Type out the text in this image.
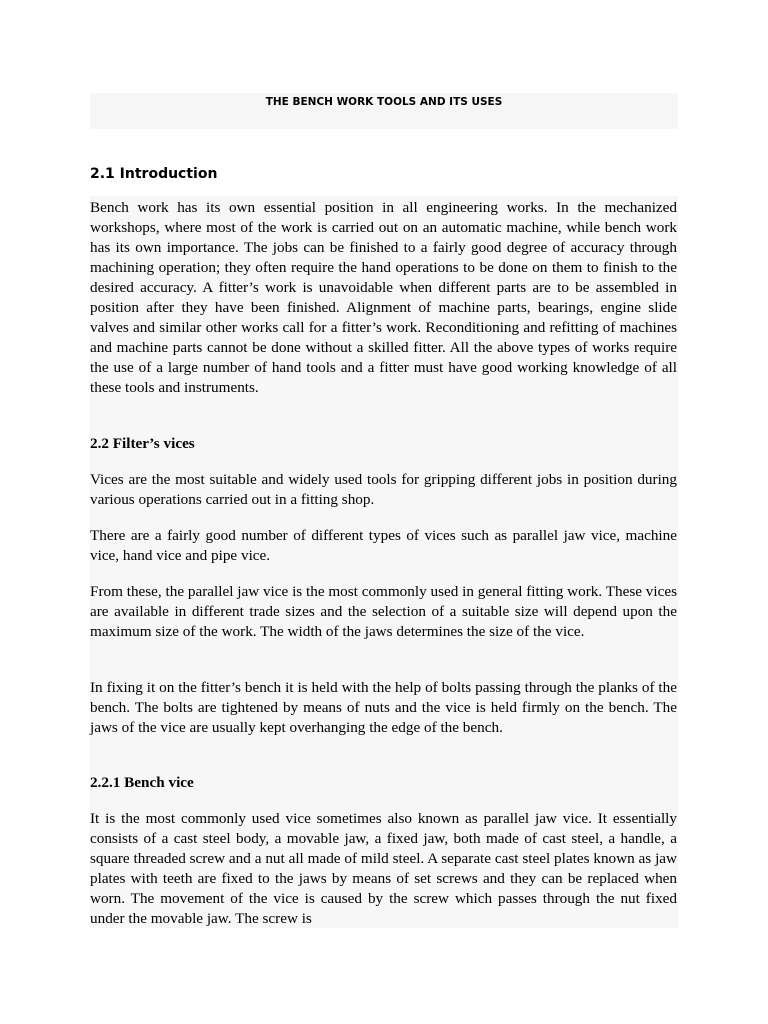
THE BENCH WORK TOOLS AND ITS USES
2.1 Introduction
Bench work has its own essential position in all engineering works. In the mechanized workshops, where most of the work is carried out on an automatic machine, while bench work has its own importance. The jobs can be finished to a fairly good degree of accuracy through machining operation; they often require the hand operations to be done on them to finish to the desired accuracy. A fitter’s work is unavoidable when different parts are to be assembled in position after they have been finished. Alignment of machine parts, bearings, engine slide valves and similar other works call for a fitter’s work. Reconditioning and refitting of machines and machine parts cannot be done without a skilled fitter. All the above types of works require the use of a large number of hand tools and a fitter must have good working knowledge of all these tools and instruments.
2.2 Filter’s vices
Vices are the most suitable and widely used tools for gripping different jobs in position during various operations carried out in a fitting shop.
There are a fairly good number of different types of vices such as parallel jaw vice, machine vice, hand vice and pipe vice.
From these, the parallel jaw vice is the most commonly used in general fitting work. These vices are available in different trade sizes and the selection of a suitable size will depend upon the maximum size of the work. The width of the jaws determines the size of the vice.
In fixing it on the fitter’s bench it is held with the help of bolts passing through the planks of the bench. The bolts are tightened by means of nuts and the vice is held firmly on the bench. The jaws of the vice are usually kept overhanging the edge of the bench.
2.2.1 Bench vice
It is the most commonly used vice sometimes also known as parallel jaw vice. It essentially consists of a cast steel body, a movable jaw, a fixed jaw, both made of cast steel, a handle, a square threaded screw and a nut all made of mild steel. A separate cast steel plates known as jaw plates with teeth are fixed to the jaws by means of set screws and they can be replaced when worn. The movement of the vice is caused by the screw which passes through the nut fixed under the movable jaw. The screw is
